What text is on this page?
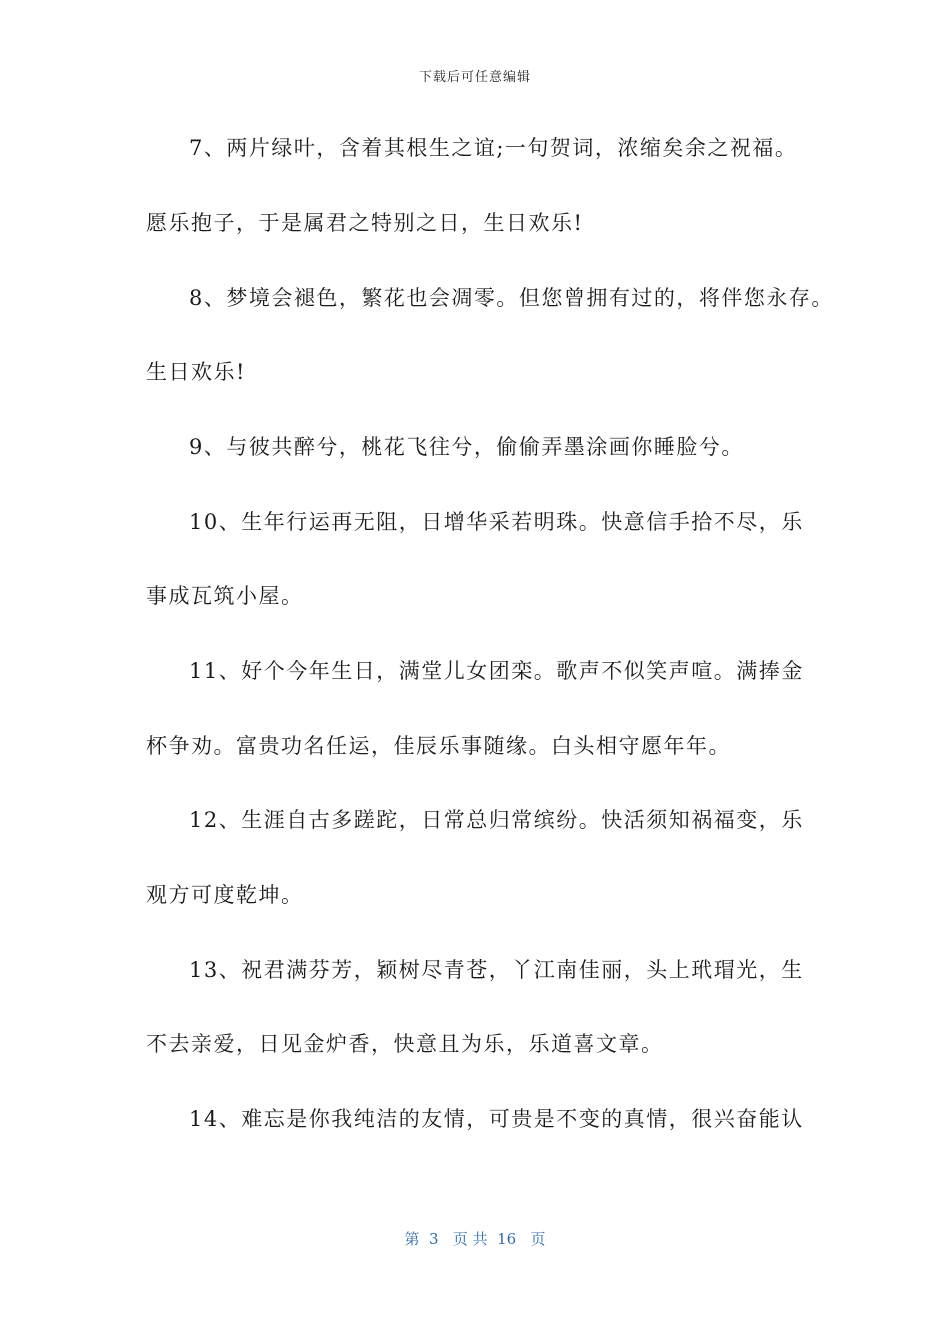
下载后可任意编辑
7、两片绿叶，含着其根生之谊;一句贺词，浓缩矣余之祝福。
愿乐抱子，于是属君之特别之日，生日欢乐!
8、梦境会褪色，繁花也会凋零。但您曾拥有过的，将伴您永存。
生日欢乐!
9、与彼共醉兮，桃花飞往兮，偷偷弄墨涂画你睡脸兮。
10、生年行运再无阻，日增华采若明珠。快意信手拾不尽，乐
事成瓦筑小屋。
11、好个今年生日，满堂儿女团栾。歌声不似笑声喧。满捧金
杯争劝。富贵功名任运，佳辰乐事随缘。白头相守愿年年。
12、生涯自古多蹉跎，日常总归常缤纷。快活须知祸福变，乐
观方可度乾坤。
13、祝君满芬芳，颖树尽青苍，丫江南佳丽，头上玳瑁光，生
不去亲爱，日见金炉香，快意且为乐，乐道喜文章。
14、难忘是你我纯洁的友情，可贵是不变的真情，很兴奋能认
第  3   页 共  16   页
